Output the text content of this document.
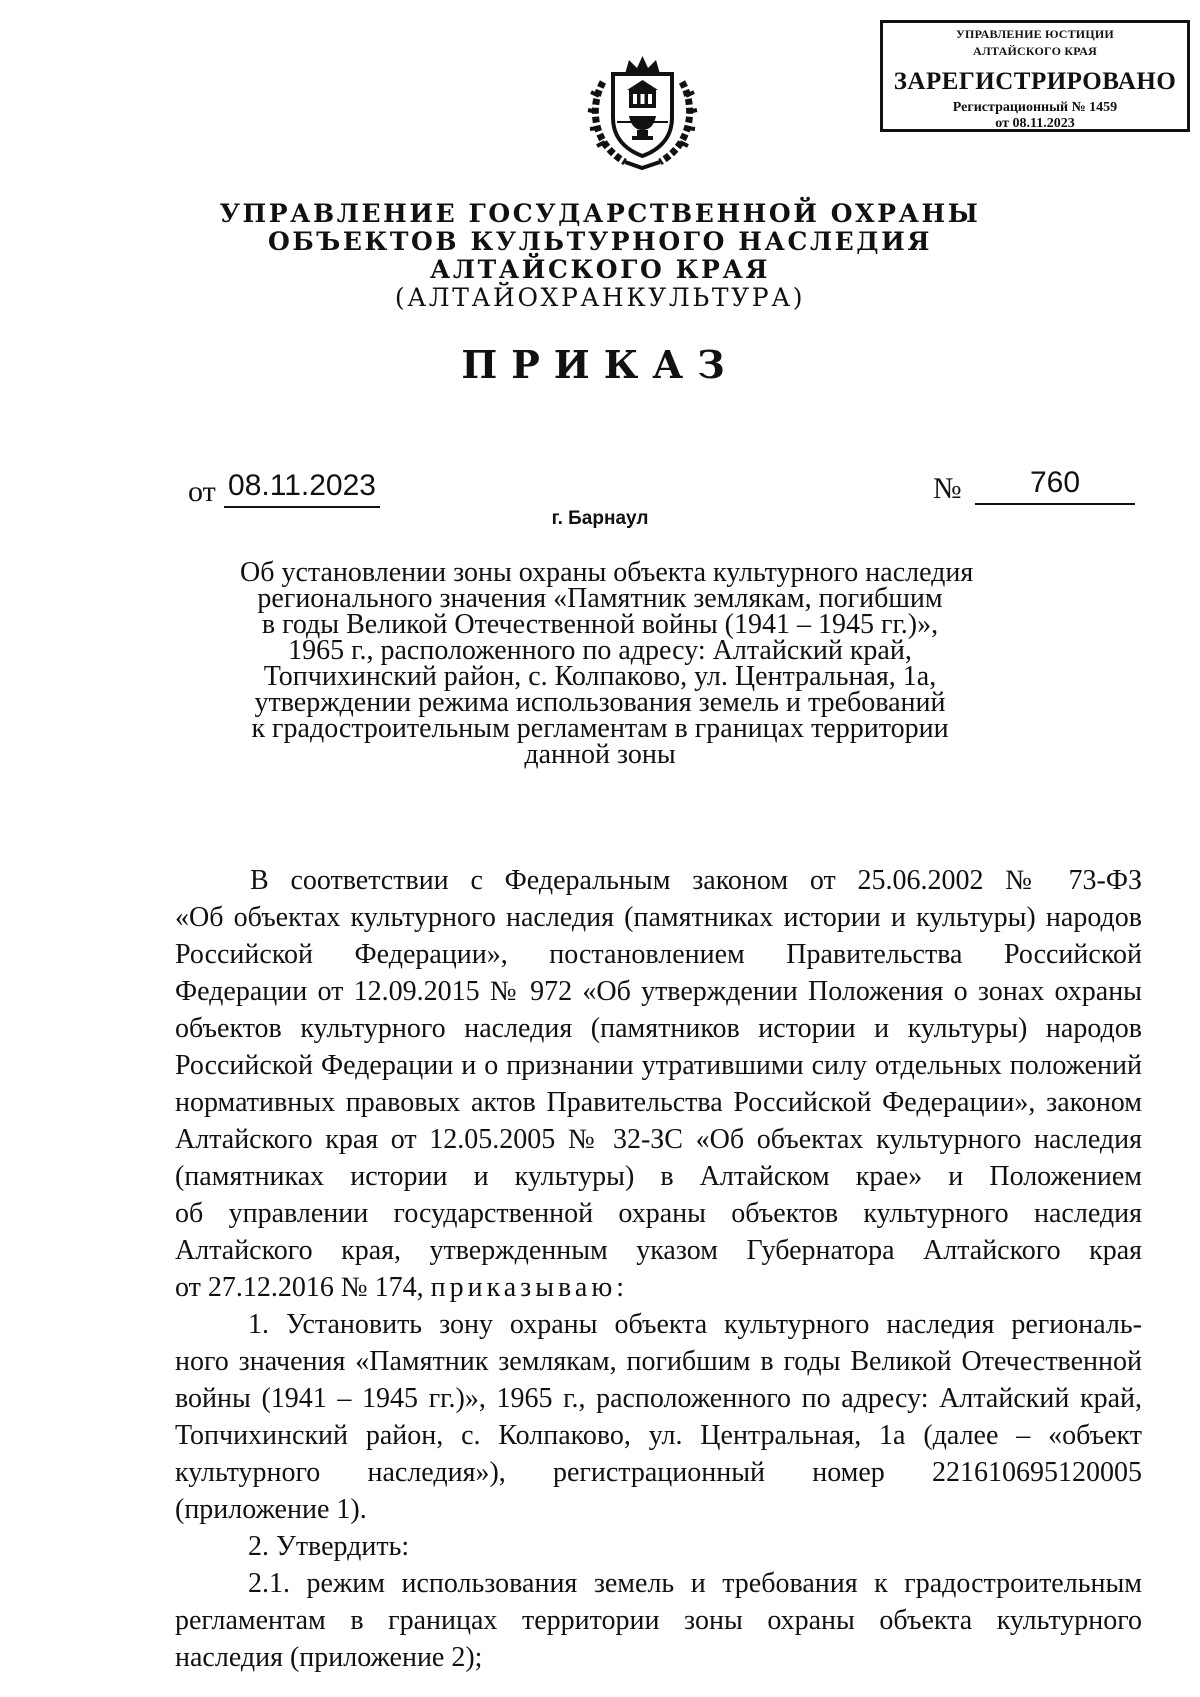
УПРАВЛЕНИЕ ЮСТИЦИИ
АЛТАЙСКОГО КРАЯ
ЗАРЕГИСТРИРОВАНО
Регистрационный № 1459
от 08.11.2023
УПРАВЛЕНИЕ ГОСУДАРСТВЕННОЙ ОХРАНЫ
ОБЪЕКТОВ КУЛЬТУРНОГО НАСЛЕДИЯ
АЛТАЙСКОГО КРАЯ
(АЛТАЙОХРАНКУЛЬТУРА)
ПРИКАЗ
от 08.11.2023	№	760
г. Барнаул
Об установлении зоны охраны объекта культурного наследия
регионального значения «Памятник землякам, погибшим
в годы Великой Отечественной войны (1941 – 1945 гг.)»,
1965 г., расположенного по адресу: Алтайский край,
Топчихинский район, с. Колпаково, ул. Центральная, 1а,
утверждении режима использования земель и требований
к градостроительным регламентам в границах территории
данной зоны
В соответствии с Федеральным законом от 25.06.2002 № 73-ФЗ
«Об объектах культурного наследия (памятниках истории и культуры) народов
Российской Федерации», постановлением Правительства Российской
Федерации от 12.09.2015 № 972 «Об утверждении Положения о зонах охраны
объектов культурного наследия (памятников истории и культуры) народов
Российской Федерации и о признании утратившими силу отдельных положений
нормативных правовых актов Правительства Российской Федерации», законом
Алтайского края от 12.05.2005 № 32-ЗС «Об объектах культурного наследия
(памятниках истории и культуры) в Алтайском крае» и Положением
об управлении государственной охраны объектов культурного наследия
Алтайского края, утвержденным указом Губернатора Алтайского края
от 27.12.2016 № 174, приказываю:
1. Установить зону охраны объекта культурного наследия региональ-
ного значения «Памятник землякам, погибшим в годы Великой Отечественной
войны (1941 – 1945 гг.)», 1965 г., расположенного по адресу: Алтайский край,
Топчихинский район, с. Колпаково, ул. Центральная, 1а (далее – «объект
культурного наследия»), регистрационный номер 221610695120005
(приложение 1).
2. Утвердить:
2.1. режим использования земель и требования к градостроительным
регламентам в границах территории зоны охраны объекта культурного
наследия (приложение 2);
